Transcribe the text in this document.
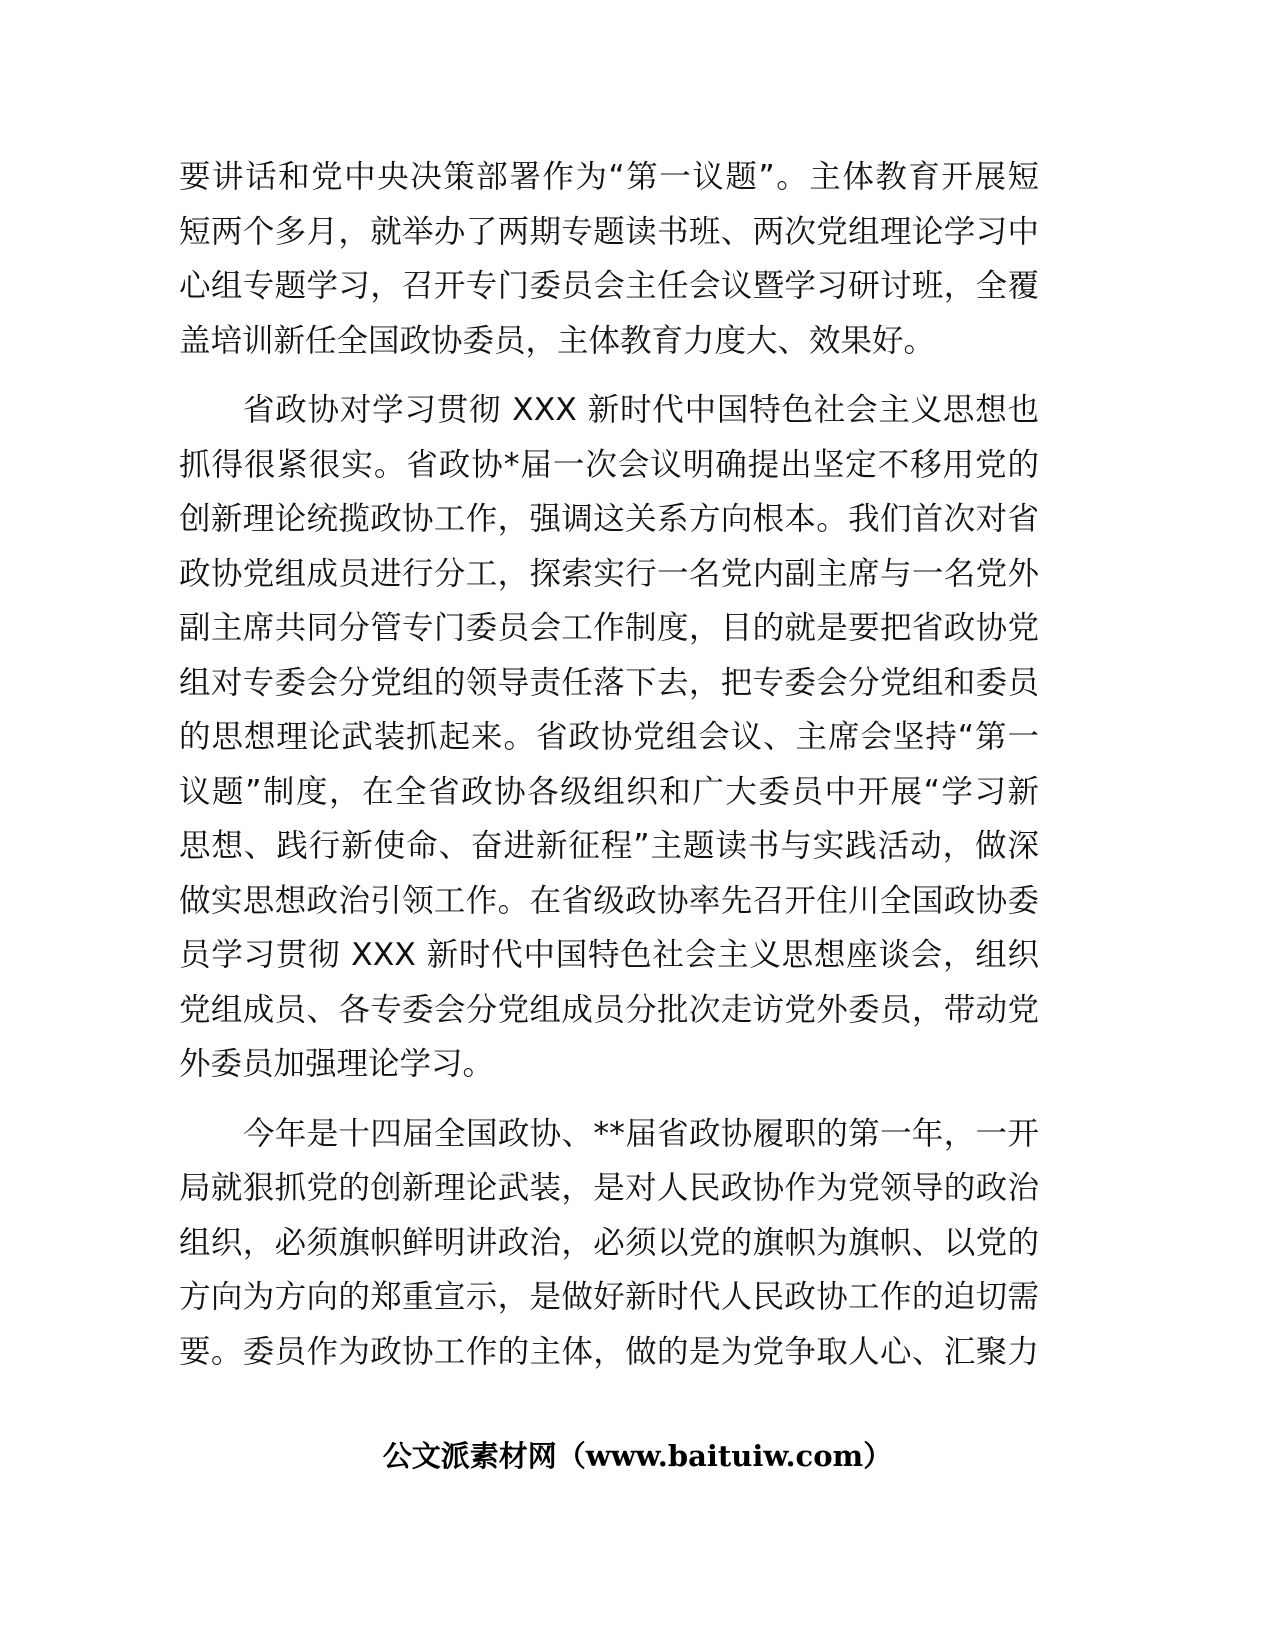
要讲话和党中央决策部署作为“第一议题”。主体教育开展短
短两个多月，就举办了两期专题读书班、两次党组理论学习中
心组专题学习，召开专门委员会主任会议暨学习研讨班，全覆
盖培训新任全国政协委员，主体教育力度大、效果好。
省政协对学习贯彻 XXX 新时代中国特色社会主义思想也
抓得很紧很实。省政协*届一次会议明确提出坚定不移用党的
创新理论统揽政协工作，强调这关系方向根本。我们首次对省
政协党组成员进行分工，探索实行一名党内副主席与一名党外
副主席共同分管专门委员会工作制度，目的就是要把省政协党
组对专委会分党组的领导责任落下去，把专委会分党组和委员
的思想理论武装抓起来。省政协党组会议、主席会坚持“第一
议题”制度，在全省政协各级组织和广大委员中开展“学习新
思想、践行新使命、奋进新征程”主题读书与实践活动，做深
做实思想政治引领工作。在省级政协率先召开住川全国政协委
员学习贯彻 XXX 新时代中国特色社会主义思想座谈会，组织
党组成员、各专委会分党组成员分批次走访党外委员，带动党
外委员加强理论学习。
今年是十四届全国政协、**届省政协履职的第一年，一开
局就狠抓党的创新理论武装，是对人民政协作为党领导的政治
组织，必须旗帜鲜明讲政治，必须以党的旗帜为旗帜、以党的
方向为方向的郑重宣示，是做好新时代人民政协工作的迫切需
要。委员作为政协工作的主体，做的是为党争取人心、汇聚力
公文派素材网（www.baituiw.com）
